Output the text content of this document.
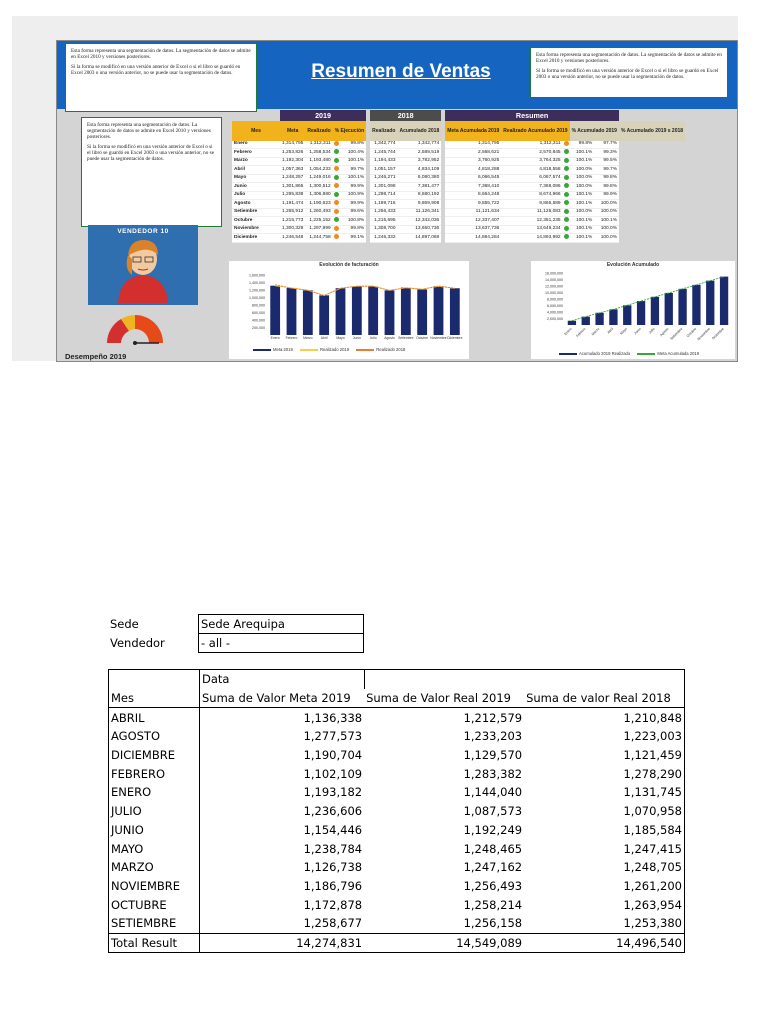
Resumen de Ventas

Esta forma representa una segmentación de datos. La segmentación de datos se admite en Excel 2010 y versiones posteriores.

Si la forma se modificó en una versión anterior de Excel o si el libro se guardó en Excel 2003 o una versión anterior, no se puede usar la segmentación de datos.

Esta forma representa una segmentación de datos. La segmentación de datos se admite en Excel 2010 y versiones posteriores.

Si la forma se modificó en una versión anterior de Excel o si el libro se guardó en Excel 2003 o una versión anterior, no se puede usar la segmentación de datos.

Esta forma representa una segmentación de datos. La segmentación de datos se admite en Excel 2010 y versiones posteriores.

Si la forma se modificó en una versión anterior de Excel o si el libro se guardó en Excel 2003 o una versión anterior, no se puede usar la segmentación de datos.

VENDEDOR 10
Desempeño 2019
	2019					2018			Resumen					
Mes	Meta	Realizado	% Ejecución			Realizado	Acumulado 2018		Meta Acumulada 2019	Realizado Acumulado 2019		% Acumulado 2019		% Acumulado 2019 s 2018
Enero	1,314,795	1,312,311		99.8%		1,342,774	1,342,774		1,314,795	1,312,311		99.8%	97.7%	
Febrero	1,253,826	1,258,534		100.4%		1,245,744	2,588,519		2,568,621	2,570,845		100.1%	99.3%	
Marzo	1,192,304	1,193,480		100.1%		1,194,433	3,782,952		3,760,925	3,764,325		100.1%	99.5%	
Abril	1,057,363	1,054,233		99.7%		1,051,157	4,834,109		4,818,288	4,818,558		100.0%	99.7%	
Mayo	1,248,257	1,249,016		100.1%		1,246,271	6,080,380		6,066,545	6,067,574		100.0%	99.8%	
Junio	1,301,865	1,300,512		99.9%		1,301,098	7,381,477		7,368,410	7,368,086		100.0%	99.8%	
Julio	1,295,838	1,306,880		100.9%		1,298,714	8,680,192		8,664,248	8,674,966		100.1%	99.9%	
Agosto	1,191,474	1,190,623		99.9%		1,189,716	9,869,908		9,855,722	9,865,589		100.1%	100.0%	
Setiembre	1,265,912	1,260,493		99.6%		1,256,433	11,126,341		11,121,634	11,126,083		100.0%	100.0%	
Octubre	1,215,773	1,225,152		100.8%		1,215,695	12,342,036		12,337,407	12,351,235		100.1%	100.1%	
Noviembre	1,300,329	1,297,999		99.8%		1,308,700	13,650,736		13,637,736	13,649,234		100.1%	100.0%	
Diciembre	1,246,548	1,244,758		99.1%		1,246,332	14,897,068		14,884,284	14,893,992		100.1%	100.0%	
Evolución de facturación
1,600,000
1,400,000
1,200,000
1,000,000
800,000
600,000
400,000
200,000
Enero Febrero Marzo Abril	Mayo Junio	Julio Agosto Setiembre Octubre Noviembre Diciembre
Meta 2019	Realizado 2019	Realizado 2018
Evolución Acumulado
16,000,000
14,000,000
12,000,000
10,000,000
8,000,000
6,000,000
4,000,000
2,000,000
Enero Febrero Marzo Abril Mayo Junio Julio Agosto Setiembre Octubre Noviembre Diciembre
Acumulado 2019 Realizado	Meta Acumulada 2019
Sede	Sede Arequipa
Vendedor	- all -
	Data		
Mes	Suma de Valor Meta 2019	Suma de Valor Real 2019	Suma de valor Real 2018
ABRIL	1,136,338	1,212,579	1,210,848
AGOSTO	1,277,573	1,233,203	1,223,003
DICIEMBRE	1,190,704	1,129,570	1,121,459
FEBRERO	1,102,109	1,283,382	1,278,290
ENERO	1,193,182	1,144,040	1,131,745
JULIO	1,236,606	1,087,573	1,070,958
JUNIO	1,154,446	1,192,249	1,185,584
MAYO	1,238,784	1,248,465	1,247,415
MARZO	1,126,738	1,247,162	1,248,705
NOVIEMBRE	1,186,796	1,256,493	1,261,200
OCTUBRE	1,172,878	1,258,214	1,263,954
SETIEMBRE	1,258,677	1,256,158	1,253,380
Total Result	14,274,831	14,549,089	14,496,540
